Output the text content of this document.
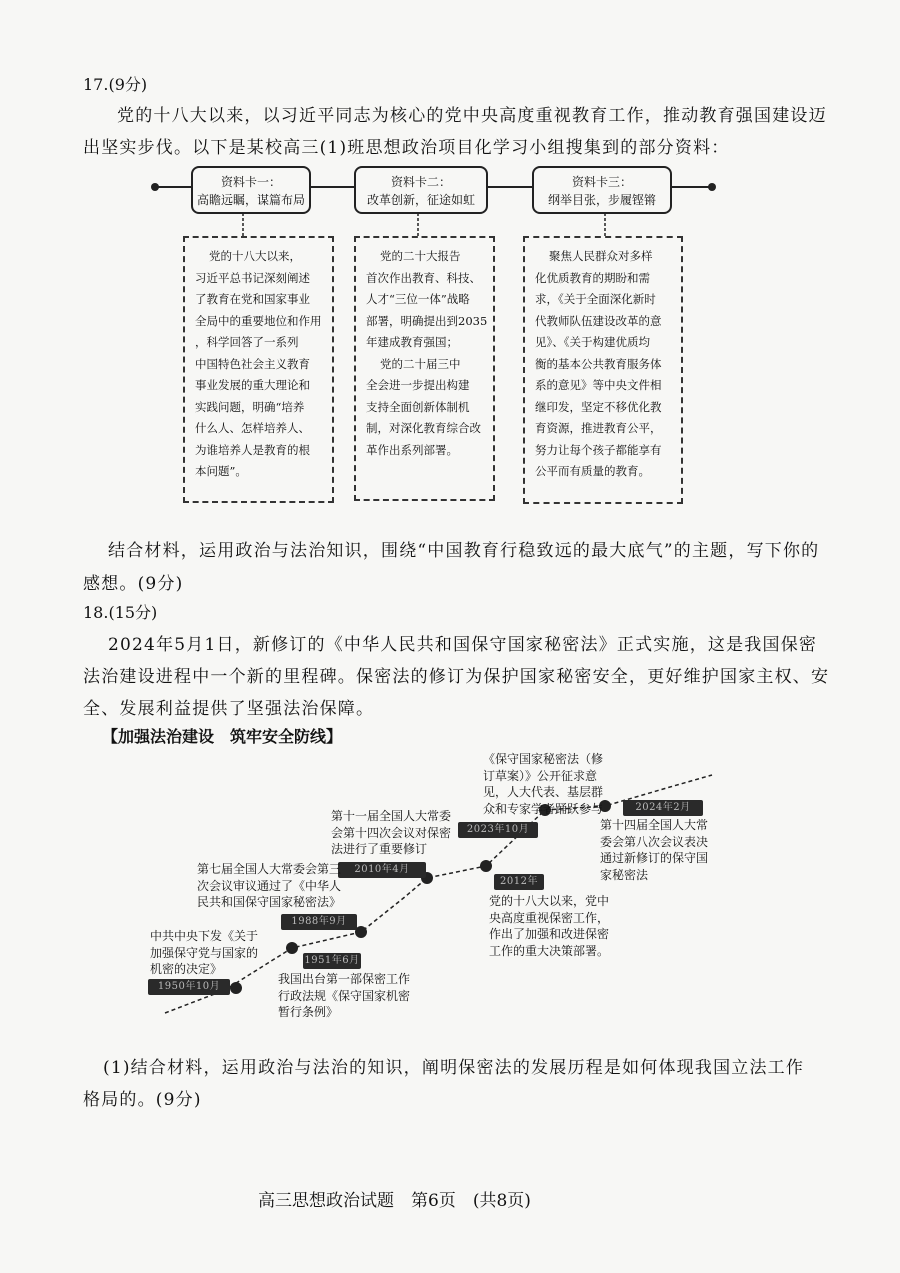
17.(9分)
党的十八大以来，以习近平同志为核心的党中央高度重视教育工作，推动教育强国建设迈
出坚实步伐。以下是某校高三(1)班思想政治项目化学习小组搜集到的部分资料：
资料卡一：
高瞻远瞩，谋篇布局
党的十八大以来，
习近平总书记深刻阐述
了教育在党和国家事业
全局中的重要地位和作用
，科学回答了一系列
中国特色社会主义教育
事业发展的重大理论和
实践问题，明确“培养
什么人、怎样培养人、
为谁培养人是教育的根
本问题”。
资料卡二：
改革创新，征途如虹
党的二十大报告
首次作出教育、科技、
人才“三位一体”战略
部署，明确提出到2035
年建成教育强国；
党的二十届三中
全会进一步提出构建
支持全面创新体制机
制，对深化教育综合改
革作出系列部署。
资料卡三：
纲举目张，步履铿锵
聚焦人民群众对多样
化优质教育的期盼和需
求，《关于全面深化新时
代教师队伍建设改革的意
见》、《关于构建优质均
衡的基本公共教育服务体
系的意见》等中央文件相
继印发，坚定不移优化教
育资源，推进教育公平，
努力让每个孩子都能享有
公平而有质量的教育。
结合材料，运用政治与法治知识，围绕“中国教育行稳致远的最大底气”的主题，写下你的
感想。(9分)
18.(15分)
2024年5月1日，新修订的《中华人民共和国保守国家秘密法》正式实施，这是我国保密
法治建设进程中一个新的里程碑。保密法的修订为保护国家秘密安全，更好维护国家主权、安
全、发展利益提供了坚强法治保障。
【加强法治建设　筑牢安全防线】
1950年10月
1951年6月
1988年9月
2010年4月
2012年
2023年10月
2024年2月
中共中央下发《关于
加强保守党与国家的
机密的决定》
我国出台第一部保密工作
行政法规《保守国家机密
暂行条例》
第七届全国人大常委会第三
次会议审议通过了《中华人
民共和国保守国家秘密法》
第十一届全国人大常委
会第十四次会议对保密
法进行了重要修订
党的十八大以来，党中
央高度重视保密工作，
作出了加强和改进保密
工作的重大决策部署。
《保守国家秘密法（修
订草案）》公开征求意
见，人大代表、基层群
众和专家学者踊跃参与
第十四届全国人大常
委会第八次会议表决
通过新修订的保守国
家秘密法
(1)结合材料，运用政治与法治的知识，阐明保密法的发展历程是如何体现我国立法工作
格局的。(9分)
高三思想政治试题　第6页　(共8页)
